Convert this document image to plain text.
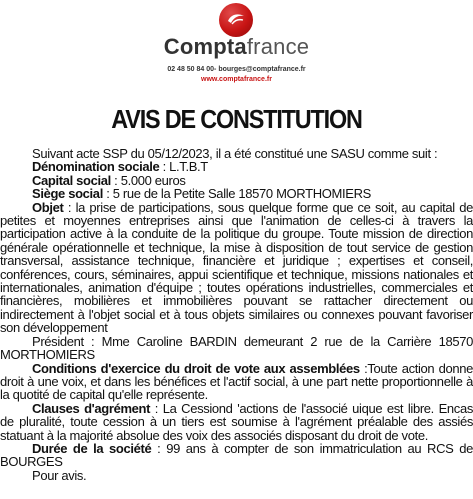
Comptafrance
02 48 50 84 00- bourges@comptafrance.fr
www.comptafrance.fr
AVIS DE CONSTITUTION

Suivant acte SSP du 05/12/2023, il a été constitué une SASU comme suit :

Dénomination sociale : L.T.B.T

Capital social : 5.000 euros

Siège social : 5 rue de la Petite Salle 18570 MORTHOMIERS

Objet : la prise de participations, sous quelque forme que ce soit, au capital de petites et moyennes entreprises ainsi que l'animation de celles-ci à travers la participation active à la conduite de la politique du groupe. Toute mission de direction générale opérationnelle et technique, la mise à disposition de tout service de gestion transversal, assistance technique, financière et juridique ; expertises et conseil, conférences, cours, séminaires, appui scientifique et technique, missions nationales et internationales, animation d'équipe ; toutes opérations industrielles, commerciales et financières, mobilières et immobilières pouvant se rattacher directement ou indirectement à l'objet social et à tous objets similaires ou connexes pouvant favoriser son développement

Président : Mme Caroline BARDIN demeurant 2 rue de la Carrière 18570 MORTHOMIERS

Conditions d'exercice du droit de vote aux assemblées :Toute action donne droit à une voix, et dans les bénéfices et l'actif social, à une part nette proportionnelle à la quotité de capital qu'elle représente.

Clauses d'agrément : La Cessiond 'actions de l'associé uique est libre. Encas de pluralité, toute cession à un tiers est soumise à l'agrément préalable des assiés statuant à la majorité absolue des voix des associés disposant du droit de vote.

Durée de la société : 99 ans à compter de son immatriculation au RCS de BOURGES

Pour avis.
